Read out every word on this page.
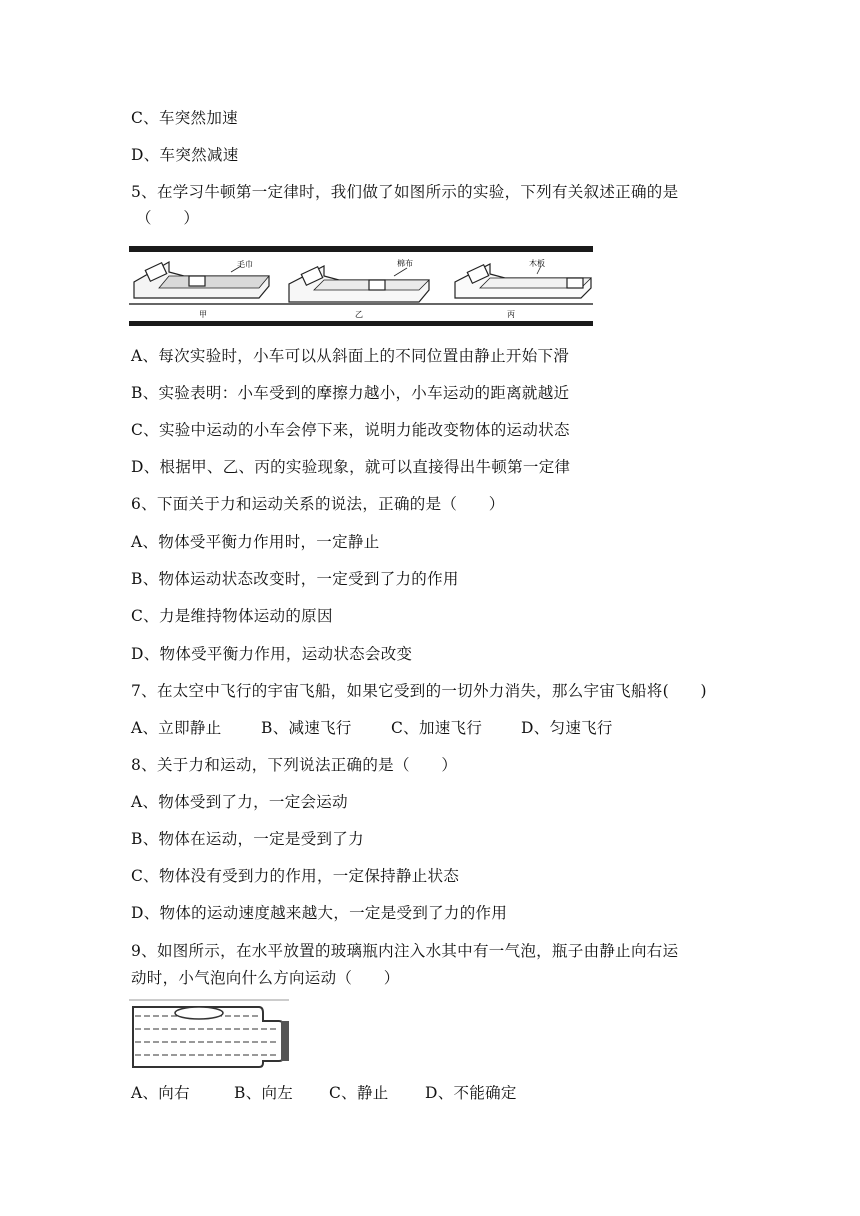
C、车突然加速
D、车突然减速
5、在学习牛顿第一定律时，我们做了如图所示的实验，下列有关叙述正确的是
（　　）
毛巾
甲
棉布
乙
木板
丙
A、每次实验时，小车可以从斜面上的不同位置由静止开始下滑
B、实验表明：小车受到的摩擦力越小，小车运动的距离就越近
C、实验中运动的小车会停下来，说明力能改变物体的运动状态
D、根据甲、乙、丙的实验现象，就可以直接得出牛顿第一定律
6、下面关于力和运动关系的说法，正确的是（　　）
A、物体受平衡力作用时，一定静止
B、物体运动状态改变时，一定受到了力的作用
C、力是维持物体运动的原因
D、物体受平衡力作用，运动状态会改变
7、在太空中飞行的宇宙飞船，如果它受到的一切外力消失，那么宇宙飞船将(　　)
A、立即静止	B、减速飞行	C、加速飞行	D、匀速飞行
8、关于力和运动，下列说法正确的是（　　）
A、物体受到了力，一定会运动
B、物体在运动，一定是受到了力
C、物体没有受到力的作用，一定保持静止状态
D、物体的运动速度越来越大，一定是受到了力的作用
9、如图所示，在水平放置的玻璃瓶内注入水其中有一气泡，瓶子由静止向右运
动时，小气泡向什么方向运动（　　）
A、向右	B、向左 C、静止 D、不能确定
